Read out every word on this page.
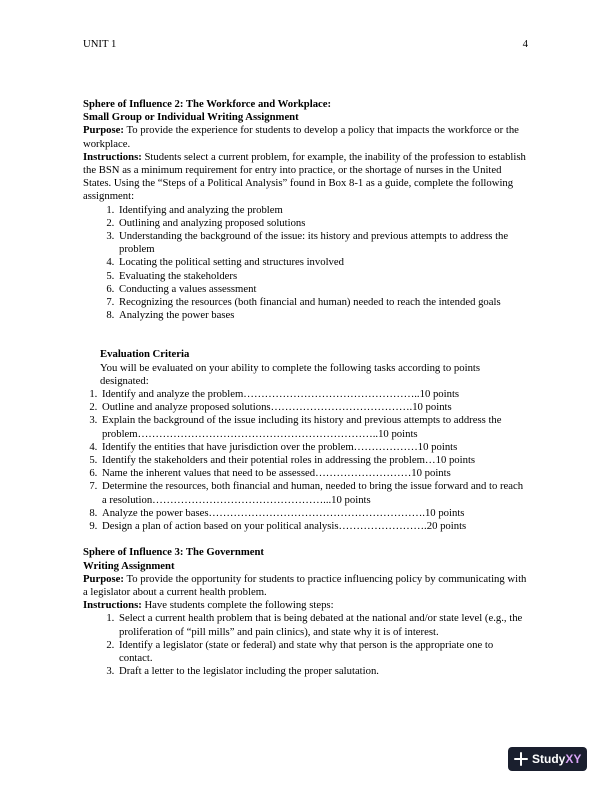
UNIT 1	4

Sphere of Influence 2: The Workforce and Workplace:

Small Group or Individual Writing Assignment

Purpose: To provide the experience for students to develop a policy that impacts the workforce or the workplace.

Instructions: Students select a current problem, for example, the inability of the profession to establish the BSN as a minimum requirement for entry into practice, or the shortage of nurses in the United States. Using the “Steps of a Political Analysis” found in Box 8-1 as a guide, complete the following assignment:

1. Identifying and analyzing the problem
2. Outlining and analyzing proposed solutions
3. Understanding the background of the issue: its history and previous attempts to address the problem
4. Locating the political setting and structures involved
5. Evaluating the stakeholders
6. Conducting a values assessment
7. Recognizing the resources (both financial and human) needed to reach the intended goals
8. Analyzing the power bases

Evaluation Criteria

You will be evaluated on your ability to complete the following tasks according to points designated:

1. Identify and analyze the problem…………………………………………..10 points
2. Outline and analyze proposed solutions………………………………….10 points
3. Explain the background of the issue including its history and previous attempts to address the problem…………………………………………………………..10 points
4. Identify the entities that have jurisdiction over the problem………………10 points
5. Identify the stakeholders and their potential roles in addressing the problem…10 points
6. Name the inherent values that need to be assessed………………………10 points
7. Determine the resources, both financial and human, needed to bring the issue forward and to reach a resolution…………………………………………...10 points
8. Analyze the power bases…………………………………………………….10 points
9. Design a plan of action based on your political analysis…………………….20 points

Sphere of Influence 3: The Government

Writing Assignment

Purpose: To provide the opportunity for students to practice influencing policy by communicating with a legislator about a current health problem.

Instructions: Have students complete the following steps:

1. Select a current health problem that is being debated at the national and/or state level (e.g., the proliferation of “pill mills” and pain clinics), and state why it is of interest.
2. Identify a legislator (state or federal) and state why that person is the appropriate one to contact.
3. Draft a letter to the legislator including the proper salutation.
StudyXY
